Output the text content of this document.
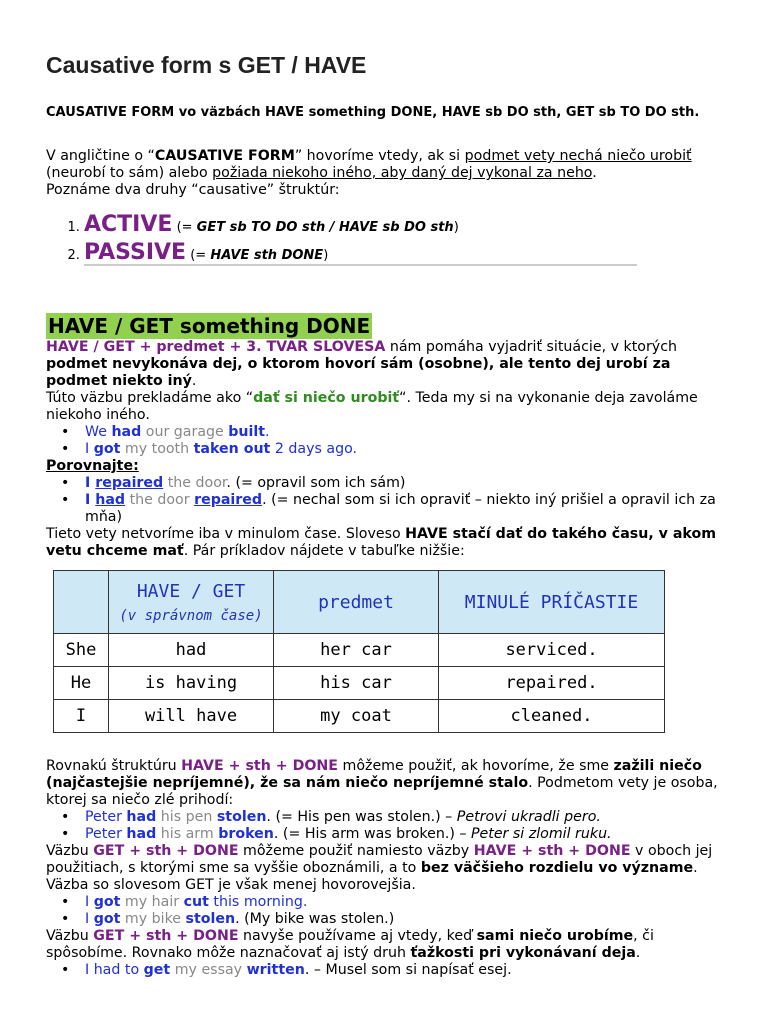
Causative form s GET / HAVE
CAUSATIVE FORM vo väzbách HAVE something DONE, HAVE sb DO sth, GET sb TO DO sth.
V angličtine o “CAUSATIVE FORM” hovoríme vtedy, ak si podmet vety nechá niečo urobiť (neurobí to sám) alebo požiada niekoho iného, aby daný dej vykonal za neho.
Poznáme dva druhy “causative” štruktúr:
1. ACTIVE (= GET sb TO DO sth / HAVE sb DO sth)
2. PASSIVE (= HAVE sth DONE)
HAVE / GET something DONE
HAVE / GET + predmet + 3. TVAR SLOVESA nám pomáha vyjadriť situácie, v ktorých podmet nevykonáva dej, o ktorom hovorí sám (osobne), ale tento dej urobí za podmet niekto iný.
Túto väzbu prekladáme ako “dať si niečo urobiť“. Teda my si na vykonanie deja zavoláme niekoho iného.
• We had our garage built.
• I got my tooth taken out 2 days ago.
Porovnajte:
• I repaired the door. (= opravil som ich sám)
• I had the door repaired. (= nechal som si ich opraviť – niekto iný prišiel a opravil ich za mňa)
Tieto vety netvoríme iba v minulom čase. Sloveso HAVE stačí dať do takého času, v akom vetu chceme mať. Pár príkladov nájdete v tabuľke nižšie:
	HAVE / GET
(v správnom čase)	predmet	MINULÉ PRÍČASTIE
She	had	her car	serviced.
He	is having	his car	repaired.
I	will have	my coat	cleaned.
Rovnakú štruktúru HAVE + sth + DONE môžeme použiť, ak hovoríme, že sme zažili niečo (najčastejšie nepríjemné), že sa nám niečo nepríjemné stalo. Podmetom vety je osoba, ktorej sa niečo zlé prihodí:
• Peter had his pen stolen. (= His pen was stolen.) – Petrovi ukradli pero.
• Peter had his arm broken. (= His arm was broken.) – Peter si zlomil ruku.
Väzbu GET + sth + DONE môžeme použiť namiesto väzby HAVE + sth + DONE v oboch jej použitiach, s ktorými sme sa vyššie oboznámili, a to bez väčšieho rozdielu vo význame. Väzba so slovesom GET je však menej hovorovejšia.
• I got my hair cut this morning.
• I got my bike stolen. (My bike was stolen.)
Väzbu GET + sth + DONE navyše používame aj vtedy, keď sami niečo urobíme, či spôsobíme. Rovnako môže naznačovať aj istý druh ťažkosti pri vykonávaní deja.
• I had to get my essay written. – Musel som si napísať esej.
